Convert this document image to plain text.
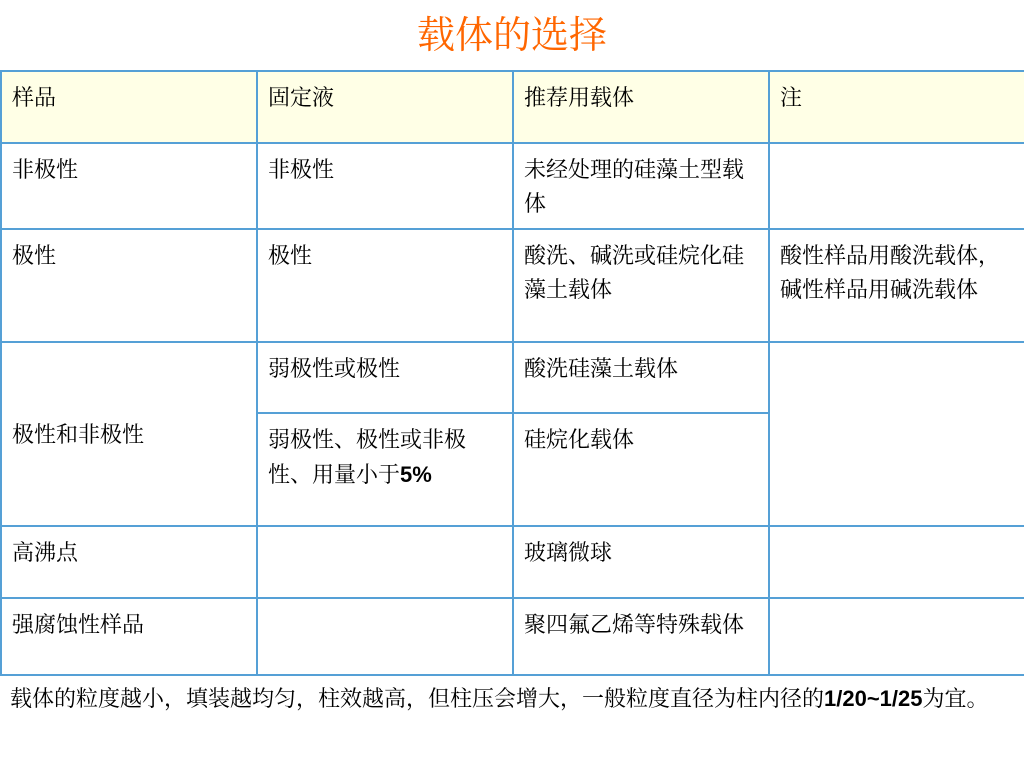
载体的选择
样品	固定液	推荐用载体	注
非极性	非极性	未经处理的硅藻土型载体	
极性	极性	酸洗、碱洗或硅烷化硅藻土载体	酸性样品用酸洗载体，碱性样品用碱洗载体
极性和非极性	弱极性或极性	酸洗硅藻土载体	
	弱极性、极性或非极性、用量小于5%	硅烷化载体	
高沸点		玻璃微球	
强腐蚀性样品		聚四氟乙烯等特殊载体	

载体的粒度越小，填装越均匀，柱效越高，但柱压会增大，一般粒度直径为柱内径的1/20~1/25为宜。
